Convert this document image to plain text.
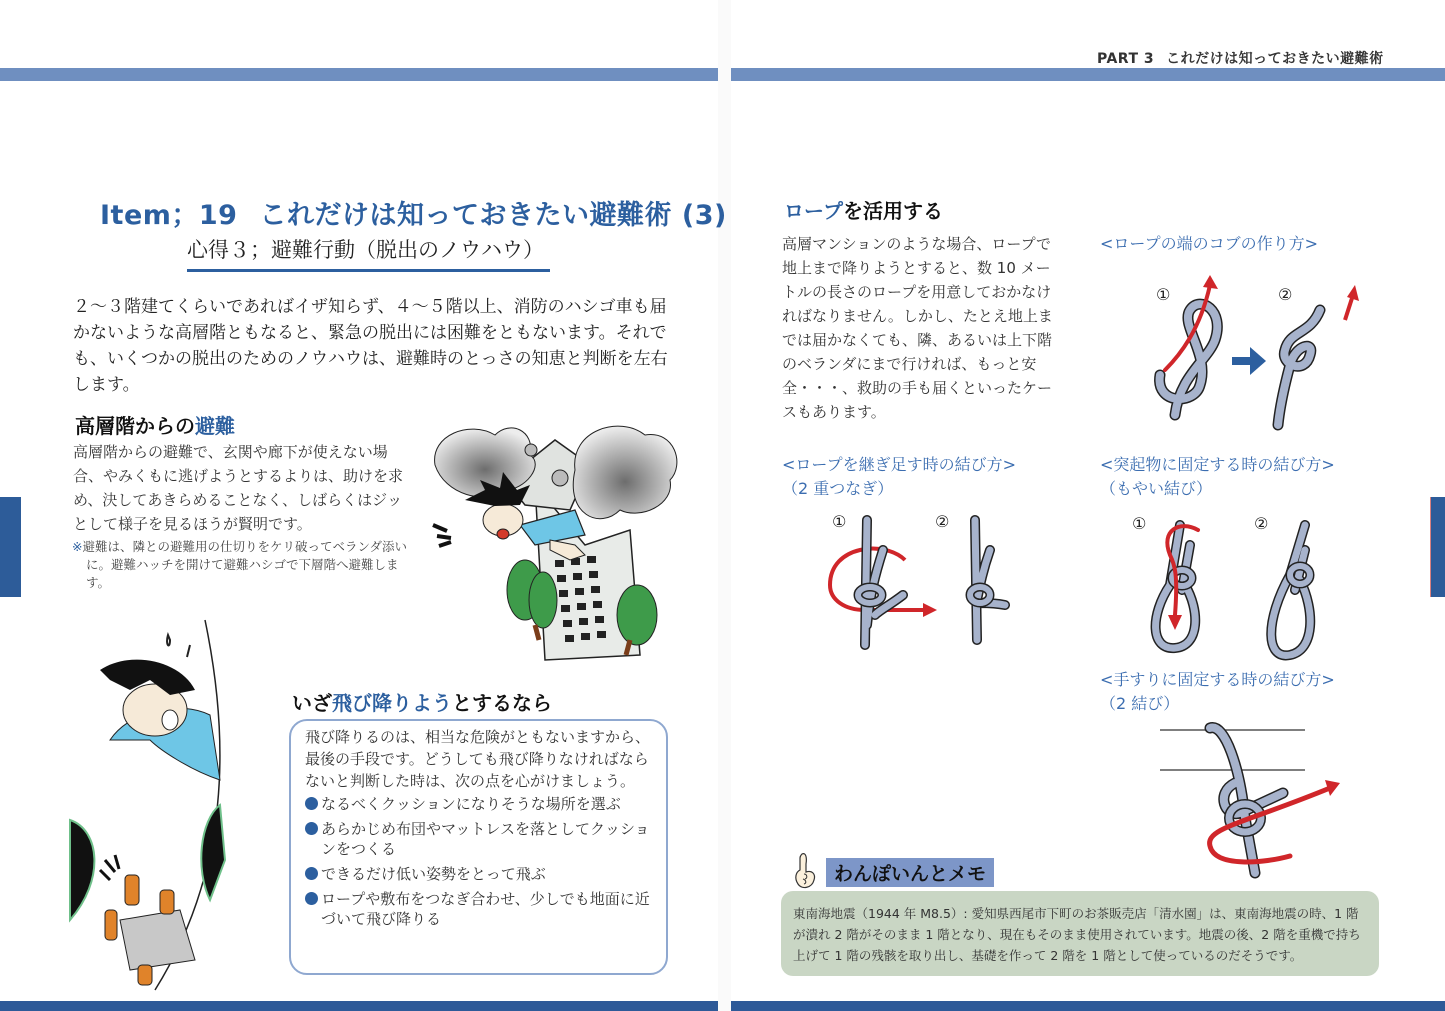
PART 3 これだけは知っておきたい避難術
Item；19 これだけは知っておきたい避難術 (3)
心得３；避難行動（脱出のノウハウ）

２～３階建てくらいであればイザ知らず、４～５階以上、消防のハシゴ車も届かないような高層階ともなると、緊急の脱出には困難をともないます。それでも、いくつかの脱出のためのノウハウは、避難時のとっさの知恵と判断を左右します。

高層階からの避難

高層階からの避難で、玄関や廊下が使えない場合、やみくもに逃げようとするよりは、助けを求め、決してあきらめることなく、しばらくはジッとして様子を見るほうが賢明です。

※避難は、隣との避難用の仕切りをケリ破ってベランダ添いに。避難ハッチを開けて避難ハシゴで下層階へ避難します。

いざ飛び降りようとするなら

飛び降りるのは、相当な危険がともないますから、最後の手段です。どうしても飛び降りなければならないと判断した時は、次の点を心がけましょう。

なるべくクッションになりそうな場所を選ぶ
あらかじめ布団やマットレスを落としてクッションをつくる
できるだけ低い姿勢をとって飛ぶ
ロープや敷布をつなぎ合わせ、少しでも地面に近づいて飛び降りる
ロープを活用する

高層マンションのような場合、ロープで地上まで降りようとすると、数 10 メートルの長さのロープを用意しておかなければなりません。しかし、たとえ地上までは届かなくても、隣、あるいは上下階のベランダにまで行ければ、もっと安全・・・、救助の手も届くといったケースもあります。

<ロープの端のコブの作り方>
①	②
<ロープを継ぎ足す時の結び方>
（2 重つなぎ）
①	②
<突起物に固定する時の結び方>
（もやい結び）
①	②
<手すりに固定する時の結び方>
（2 結び）
わんぽいんとメモ
東南海地震（1944 年 M8.5）: 愛知県西尾市下町のお茶販売店「清水園」は、東南海地震の時、1 階が潰れ 2 階がそのまま 1 階となり、現在もそのまま使用されています。地震の後、2 階を重機で持ち上げて 1 階の残骸を取り出し、基礎を作って 2 階を 1 階として使っているのだそうです。
